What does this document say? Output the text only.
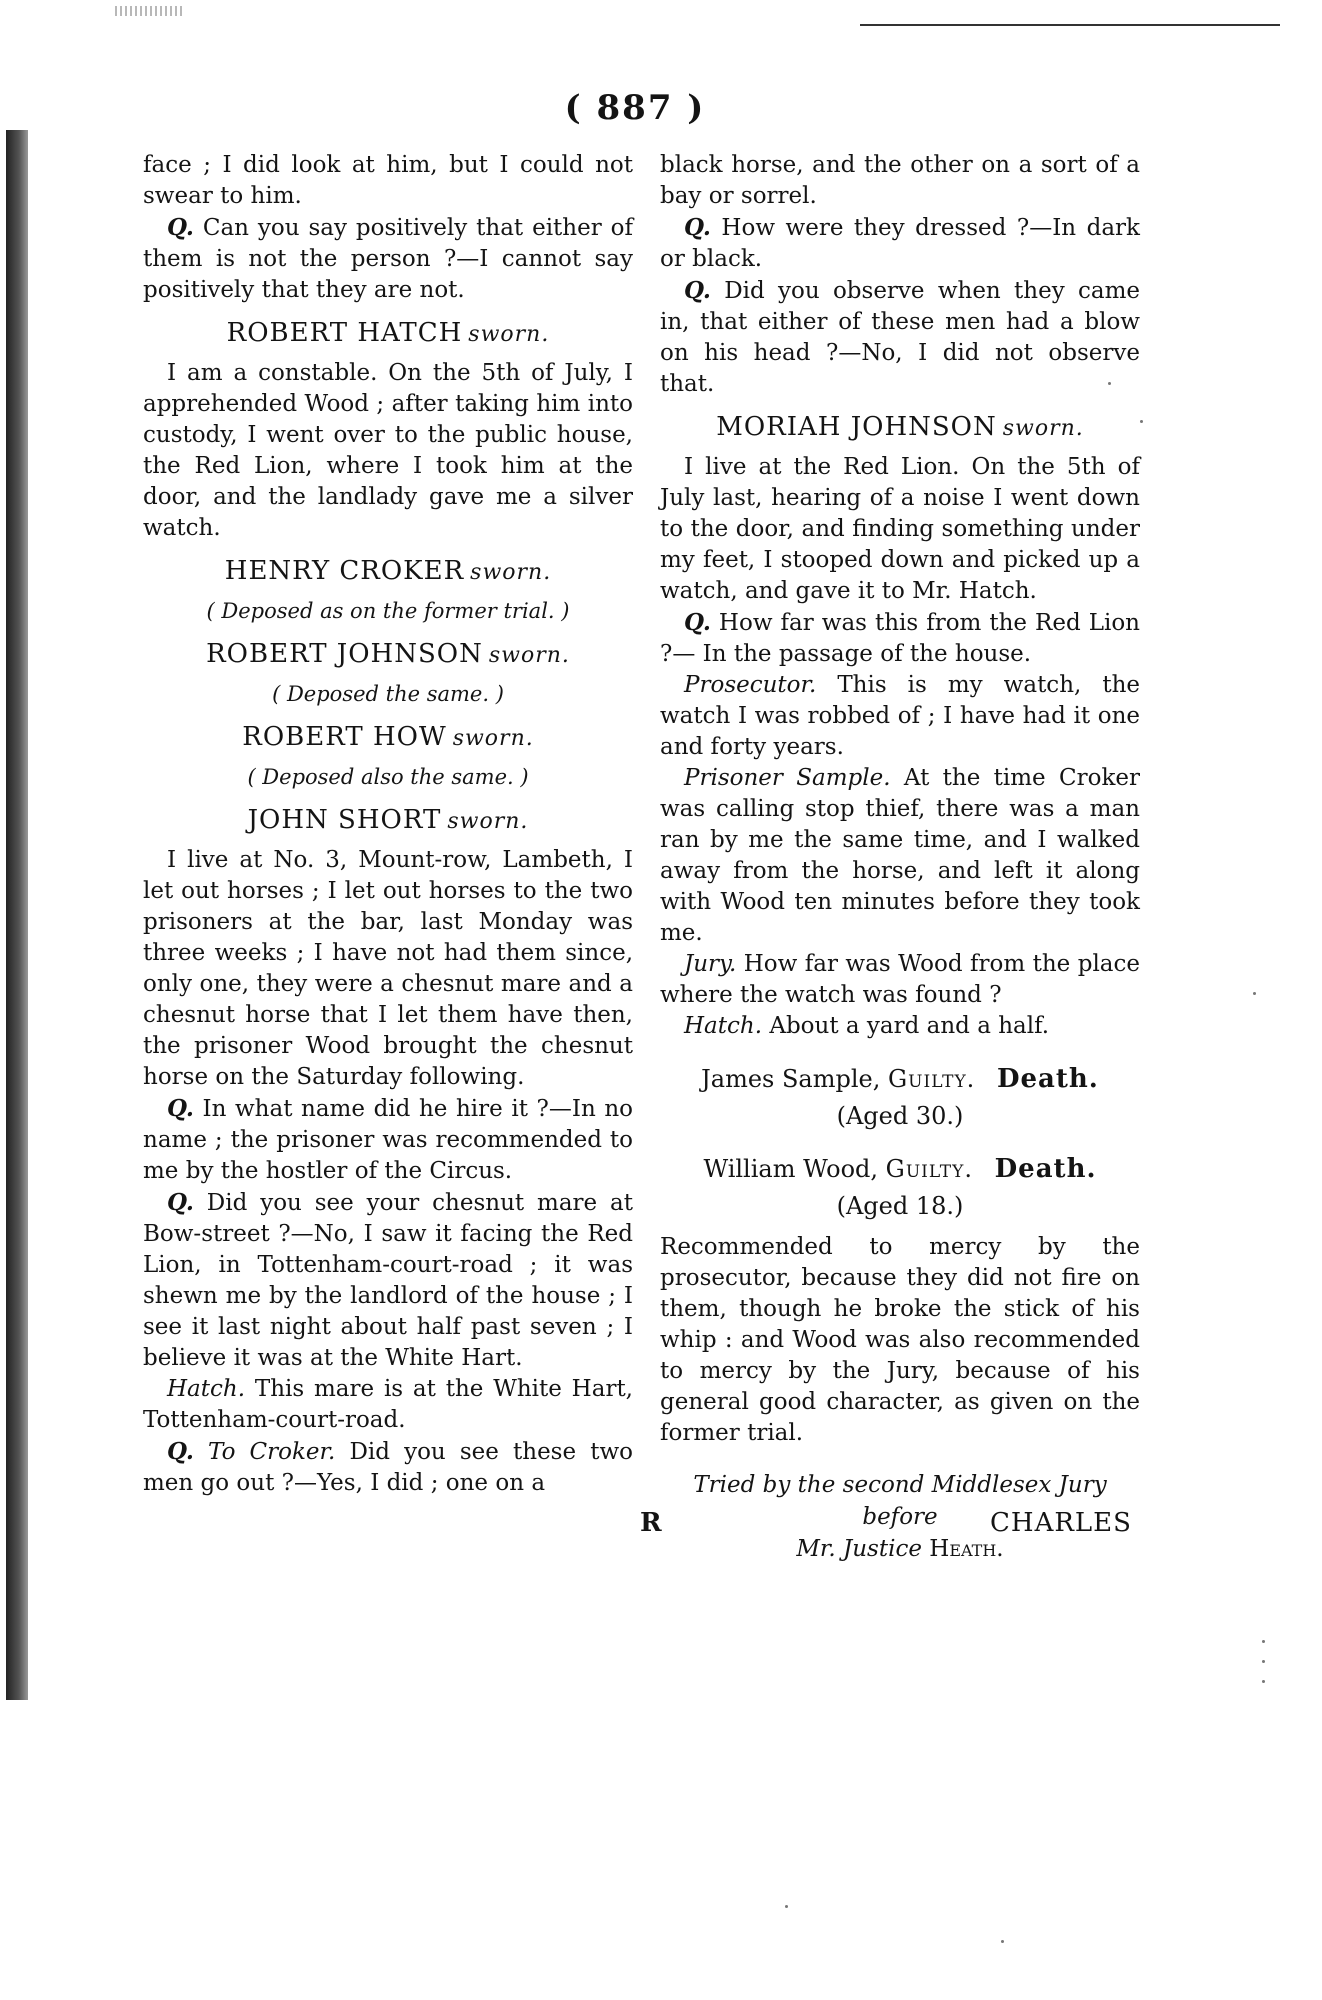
( 887 )

face ; I did look at him, but I could not swear to him.

Q. Can you say positively that either of them is not the person ?—I cannot say positively that they are not.

ROBERT HATCH sworn.

I am a constable. On the 5th of July, I apprehended Wood ; after taking him into custody, I went over to the public house, the Red Lion, where I took him at the door, and the landlady gave me a silver watch.

HENRY CROKER sworn.
( Deposed as on the former trial. )
ROBERT JOHNSON sworn.
( Deposed the same. )
ROBERT HOW sworn.
( Deposed also the same. )
JOHN SHORT sworn.

I live at No. 3, Mount-row, Lambeth, I let out horses ; I let out horses to the two prisoners at the bar, last Monday was three weeks ; I have not had them since, only one, they were a chesnut mare and a chesnut horse that I let them have then, the prisoner Wood brought the chesnut horse on the Saturday following.

Q. In what name did he hire it ?—In no name ; the prisoner was recommended to me by the hostler of the Circus.

Q. Did you see your chesnut mare at Bow-street ?—No, I saw it facing the Red Lion, in Tottenham-court-road ; it was shewn me by the landlord of the house ; I see it last night about half past seven ; I believe it was at the White Hart.

Hatch. This mare is at the White Hart, Tottenham-court-road.

Q. To Croker. Did you see these two men go out ?—Yes, I did ; one on a

black horse, and the other on a sort of a bay or sorrel.

Q. How were they dressed ?—In dark or black.

Q. Did you observe when they came in, that either of these men had a blow on his head ?—No, I did not observe that.

MORIAH JOHNSON sworn.

I live at the Red Lion. On the 5th of July last, hearing of a noise I went down to the door, and finding something under my feet, I stooped down and picked up a watch, and gave it to Mr. Hatch.

Q. How far was this from the Red Lion ?— In the passage of the house.

Prosecutor. This is my watch, the watch I was robbed of ; I have had it one and forty years.

Prisoner Sample. At the time Croker was calling stop thief, there was a man ran by me the same time, and I walked away from the horse, and left it along with Wood ten minutes before they took me.

Jury. How far was Wood from the place where the watch was found ?

Hatch. About a yard and a half.

James Sample, Guilty. Death.
(Aged 30.)
William Wood, Guilty. Death.
(Aged 18.)

Recommended to mercy by the prosecutor, because they did not fire on them, though he broke the stick of his whip : and Wood was also recommended to mercy by the Jury, because of his general good character, as given on the former trial.

Tried by the second Middlesex Jury before
Mr. Justice Heath.
R	CHARLES
